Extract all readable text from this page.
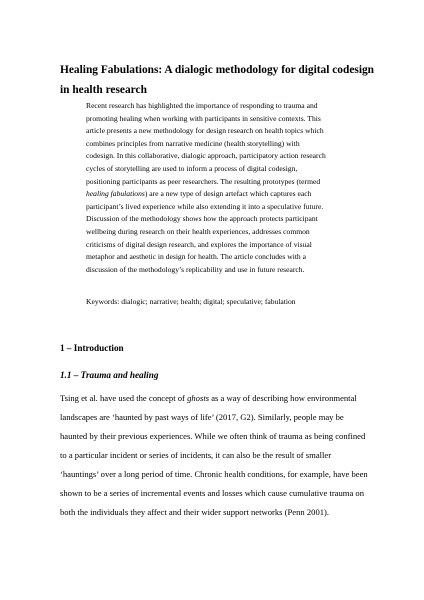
Healing Fabulations: A dialogic methodology for digital codesign in health research

Recent research has highlighted the importance of responding to trauma and promoting healing when working with participants in sensitive contexts. This article presents a new methodology for design research on health topics which combines principles from narrative medicine (health storytelling) with codesign. In this collaborative, dialogic approach, participatory action research cycles of storytelling are used to inform a process of digital codesign, positioning participants as peer researchers. The resulting prototypes (termed healing fabulations) are a new type of design artefact which captures each participant’s lived experience while also extending it into a speculative future. Discussion of the methodology shows how the approach protects participant wellbeing during research on their health experiences, addresses common criticisms of digital design research, and explores the importance of visual metaphor and aesthetic in design for health. The article concludes with a discussion of the methodology’s replicability and use in future research.

Keywords: dialogic; narrative; health; digital; speculative; fabulation

1 – Introduction

1.1 – Trauma and healing

Tsing et al. have used the concept of ghosts as a way of describing how environmental landscapes are ‘haunted by past ways of life’ (2017, G2). Similarly, people may be haunted by their previous experiences. While we often think of trauma as being confined to a particular incident or series of incidents, it can also be the result of smaller ‘hauntings’ over a long period of time. Chronic health conditions, for example, have been shown to be a series of incremental events and losses which cause cumulative trauma on both the individuals they affect and their wider support networks (Penn 2001).
